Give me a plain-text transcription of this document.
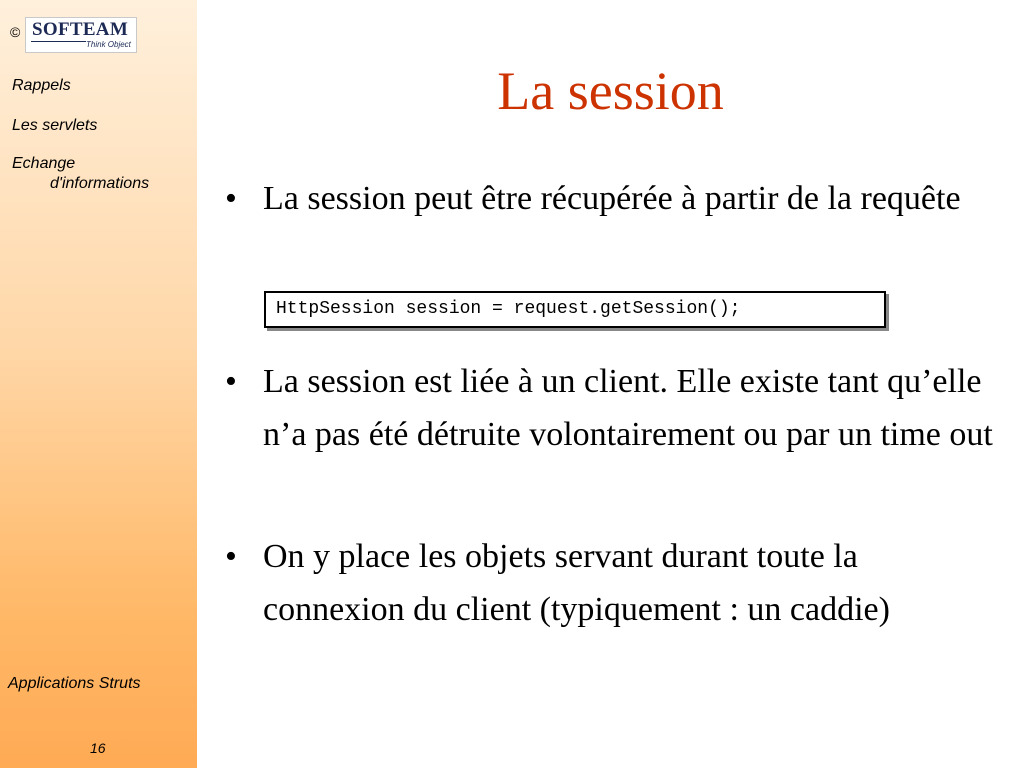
© SOFTEAM
Think Object
Rappels
Les servlets
Echange
d'informations
Applications Struts
16
La session
• La session peut être récupérée à partir de la requête
HttpSession session = request.getSession();
• La session est liée à un client. Elle existe tant qu’elle n’a pas été détruite volontairement ou par un time out
• On y place les objets servant durant toute la connexion du client (typiquement : un caddie)
